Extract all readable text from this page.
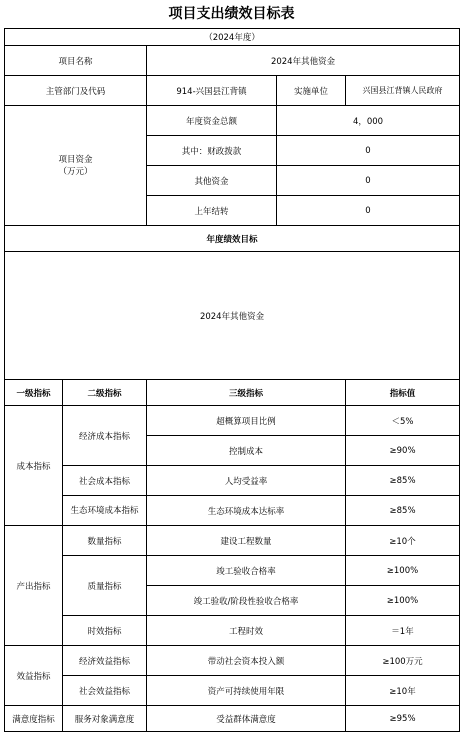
项目支出绩效目标表
（2024年度）				
项目名称		2024年其他资金		
主管部门及代码		914-兴国县江背镇	实施单位	兴国县江背镇人民政府
项目资金
（万元）		年度资金总额	4，000	
		其中：财政拨款	0	
		其他资金	0	
		上年结转	0	
年度绩效目标				
2024年其他资金				
一级指标	二级指标	三级指标		指标值
成本指标	经济成本指标	超概算项目比例		＜5%
		控制成本		≥90%
	社会成本指标	人均受益率		≥85%
	生态环境成本指标	生态环境成本达标率		≥85%
产出指标	数量指标	建设工程数量		≥10个
	质量指标	竣工验收合格率		≥100%
		竣工验收/阶段性验收合格率		≥100%
	时效指标	工程时效		＝1年
效益指标	经济效益指标	带动社会资本投入额		≥100万元
	社会效益指标	资产可持续使用年限		≥10年
满意度指标	服务对象满意度	受益群体满意度		≥95%
